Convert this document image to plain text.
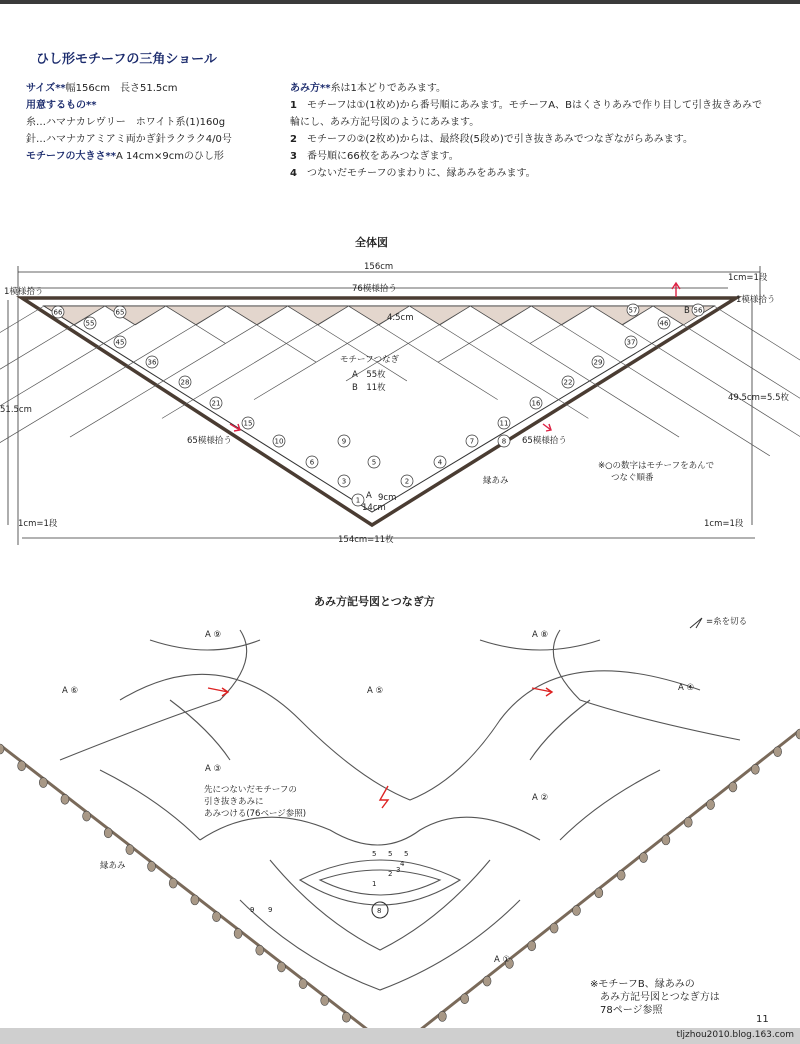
ひし形モチーフの三角ショール
サイズ**幅156cm　長さ51.5cm
用意するもの**
糸…ハマナカレヴリー　ホワイト系(1)160g
針…ハマナカアミアミ両かぎ針ラクラク4/0号
モチーフの大きさ**A 14cm×9cmのひし形

あみ方**糸は1本どりであみます。

1　 モチーフは①(1枚め)から番号順にあみます。モチーフA、Bはくさりあみで作り目して引き抜きあみで輪にし、あみ方記号図のようにあみます。

2　 モチーフの②(2枚め)からは、最終段(5段め)で引き抜きあみでつなぎながらあみます。

3　 番号順に66枚をあみつなぎます。

4　 つないだモチーフのまわりに、縁あみをあみます。

全体図
66	65
55
45
36
28
21
15
10
6
3
1
2
4
5
7	8
9
11
16
22
29
37
46
56
57
156cm
76模様拾う
1模様拾う
1模様拾う
1cm=1段
4.5cm
モチーフつなぎ
A　55枚
B　11枚
65模様拾う	65模様拾う
縁あみ
49.5cm=5.5枚
51.5cm
1cm=1段	1cm=1段
154cm=11枚
A 9cm
14cm
B
※○の数字はモチーフをあんで
つなぐ順番
=糸を切る
A ⑨	A ⑧
A ⑥	A ⑤	A ④
A ③
A ②
A ①
先につないだモチーフの
引き抜きあみに
あみつける(76ページ参照)
縁あみ
5 5 5
4
3
2
1
9 9	8
あみ方記号図とつなぎ方
※モチーフB、縁あみの
あみ方記号図とつなぎ方は
78ページ参照
11
tljzhou2010.blog.163.com
